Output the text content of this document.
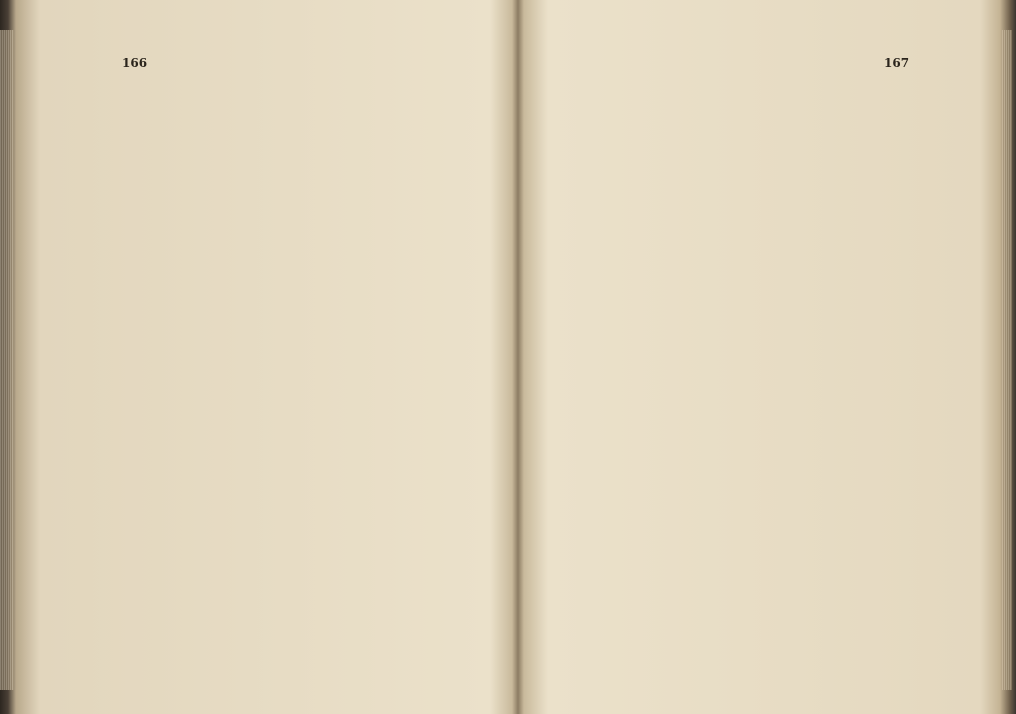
166	167
